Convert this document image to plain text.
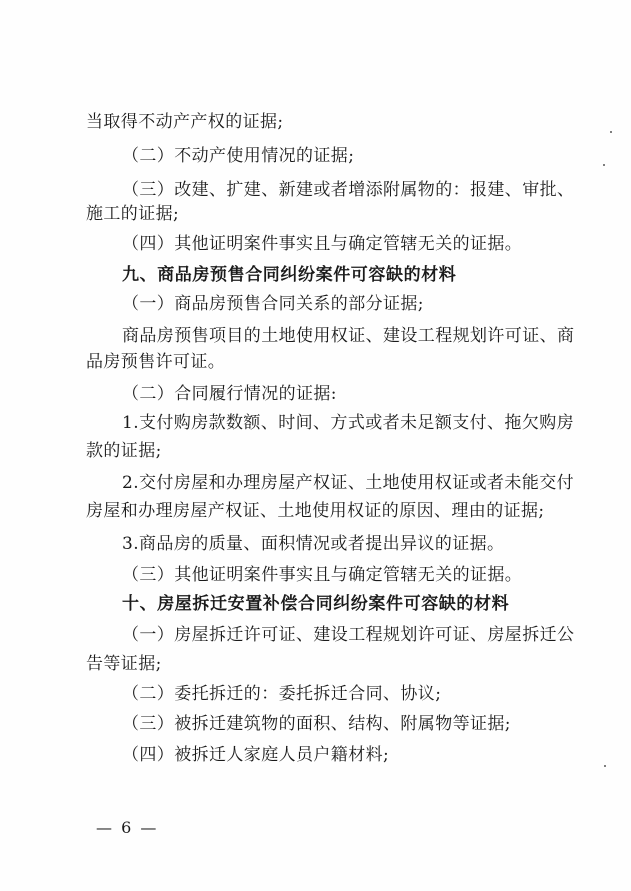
当取得不动产产权的证据;
（二）不动产使用情况的证据;
（三）改建、扩建、新建或者增添附属物的：报建、审批、
施工的证据;
（四）其他证明案件事实且与确定管辖无关的证据。
九、商品房预售合同纠纷案件可容缺的材料
（一）商品房预售合同关系的部分证据;
商品房预售项目的土地使用权证、建设工程规划许可证、商
品房预售许可证。
（二）合同履行情况的证据:
1.支付购房款数额、时间、方式或者未足额支付、拖欠购房
款的证据;
2.交付房屋和办理房屋产权证、土地使用权证或者未能交付
房屋和办理房屋产权证、土地使用权证的原因、理由的证据;
3.商品房的质量、面积情况或者提出异议的证据。
（三）其他证明案件事实且与确定管辖无关的证据。
十、房屋拆迁安置补偿合同纠纷案件可容缺的材料
（一）房屋拆迁许可证、建设工程规划许可证、房屋拆迁公
告等证据;
（二）委托拆迁的：委托拆迁合同、协议;
（三）被拆迁建筑物的面积、结构、附属物等证据;
（四）被拆迁人家庭人员户籍材料;
— 6 —
